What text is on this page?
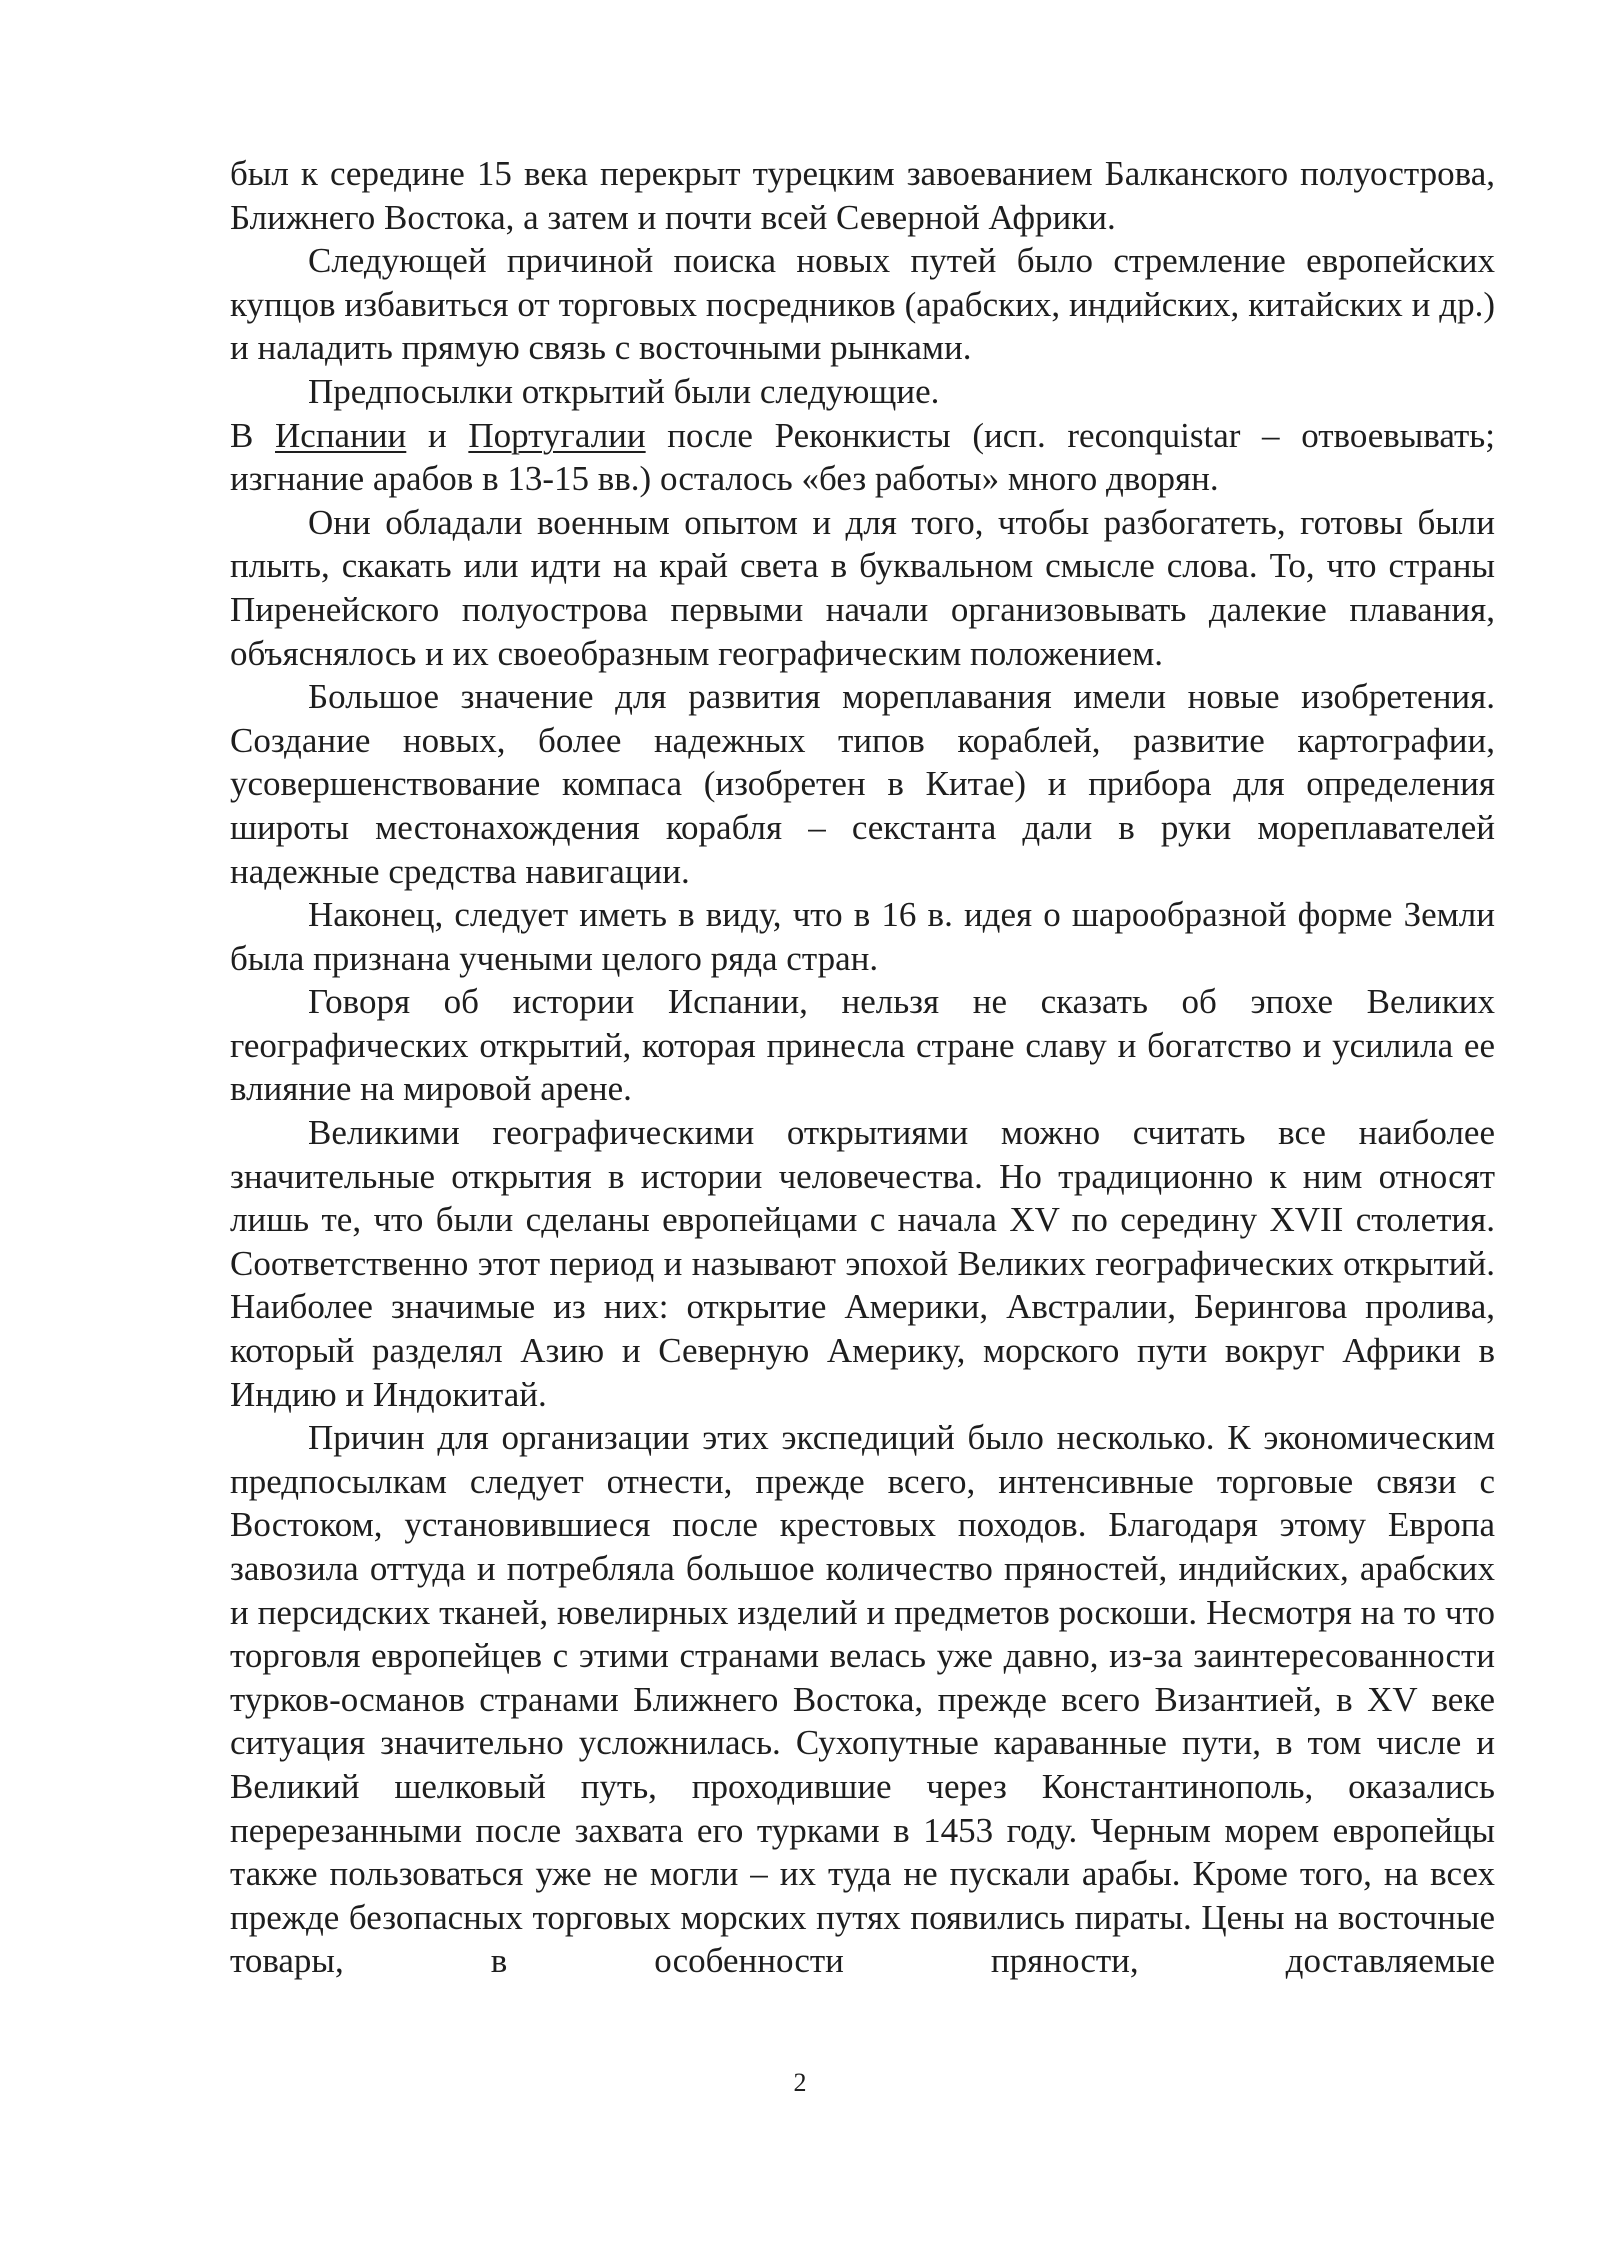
был к середине 15 века перекрыт турецким завоеванием Балканского полуострова, Ближнего Востока, а затем и почти всей Северной Африки.

Следующей причиной поиска новых путей было стремление европейских купцов избавиться от торговых посредников (арабских, индийских, китайских и др.) и наладить прямую связь с восточными рынками.

Предпосылки открытий были следующие.

В Испании и Португалии после Реконкисты (исп. reconquistar – отвоевывать; изгнание арабов в 13-15 вв.) осталось «без работы» много дворян.

Они обладали военным опытом и для того, чтобы разбогатеть, готовы были плыть, скакать или идти на край света в буквальном смысле слова. То, что страны Пиренейского полуострова первыми начали организовывать далекие плавания, объяснялось и их своеобразным географическим положением.

Большое значение для развития мореплавания имели новые изобретения. Создание новых, более надежных типов кораблей, развитие картографии, усовершенствование компаса (изобретен в Китае) и прибора для определения широты местонахождения корабля – секстанта дали в руки мореплавателей надежные средства навигации.

Наконец, следует иметь в виду, что в 16 в. идея о шарообразной форме Земли была признана учеными целого ряда стран.

Говоря об истории Испании, нельзя не сказать об эпохе Великих географических открытий, которая принесла стране славу и богатство и усилила ее влияние на мировой арене.

Великими географическими открытиями можно считать все наиболее значительные открытия в истории человечества. Но традиционно к ним относят лишь те, что были сделаны европейцами с начала XV по середину XVII столетия. Соответственно этот период и называют эпохой Великих географических открытий. Наиболее значимые из них: открытие Америки, Австралии, Берингова пролива, который разделял Азию и Северную Америку, морского пути вокруг Африки в Индию и Индокитай.

Причин для организации этих экспедиций было несколько. К экономическим предпосылкам следует отнести, прежде всего, интенсивные торговые связи с Востоком, установившиеся после крестовых походов. Благодаря этому Европа завозила оттуда и потребляла большое количество пряностей, индийских, арабских и персидских тканей, ювелирных изделий и предметов роскоши. Несмотря на то что торговля европейцев с этими странами велась уже давно, из-за заинтересованности турков-османов странами Ближнего Востока, прежде всего Византией, в XV веке ситуация значительно усложнилась. Сухопутные караванные пути, в том числе и Великий шелковый путь, проходившие через Константинополь, оказались перерезанными после захвата его турками в 1453 году. Черным морем европейцы также пользоваться уже не могли – их туда не пускали арабы. Кроме того, на всех прежде безопасных торговых морских путях появились пираты. Цены на восточные товары, в особенности пряности, доставляемые

2
